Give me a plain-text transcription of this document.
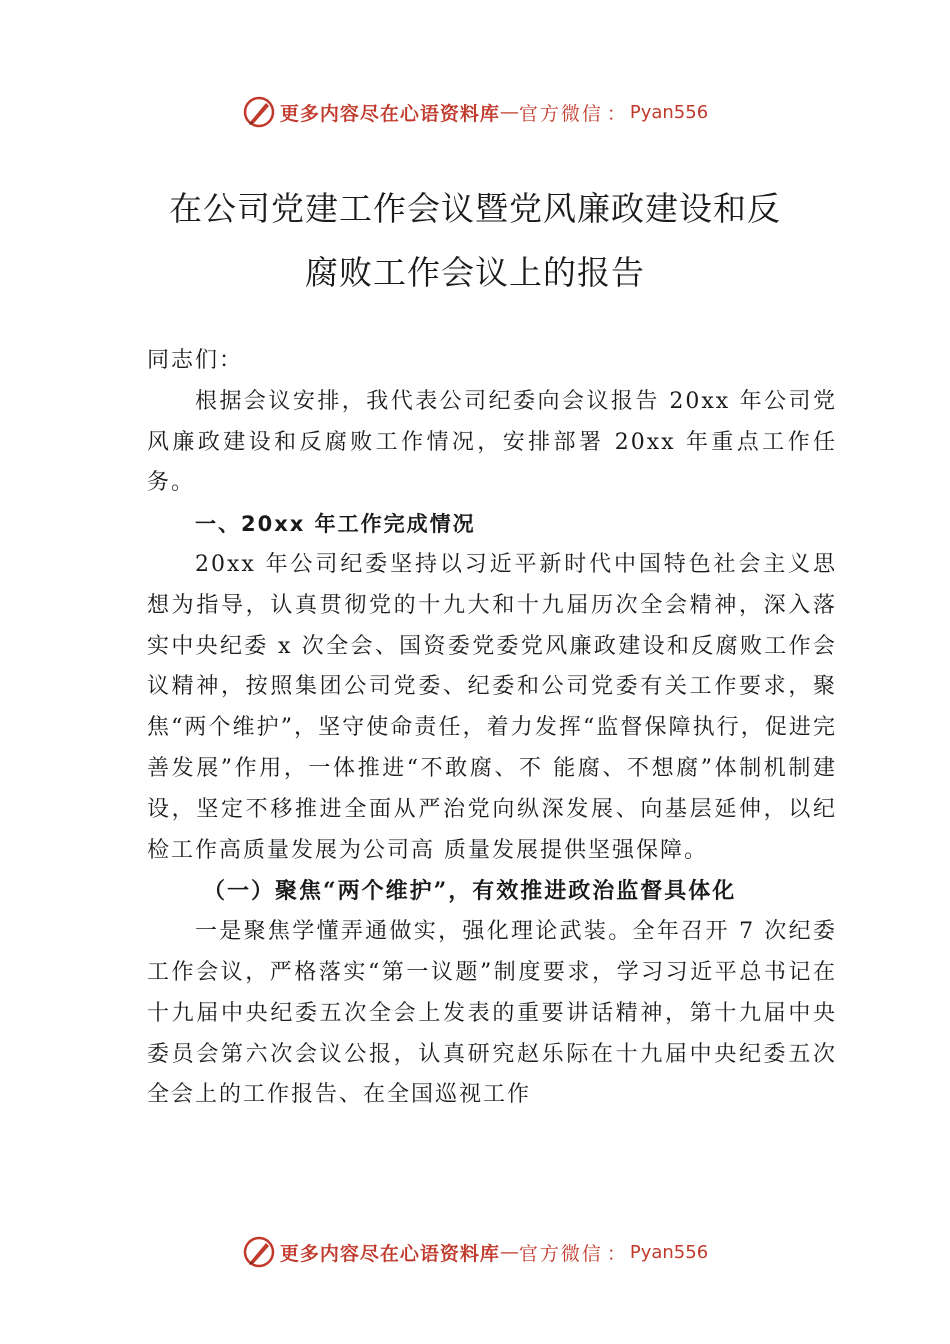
更多内容尽在心语资料库 — 官方微信 ： Pyan556
在公司党建工作会议暨党风廉政建设和反
腐败工作会议上的报告

同志们：

根据会议安排，我代表公司纪委向会议报告 20xx 年公司党风廉政建设和反腐败工作情况，安排部署 20xx 年重点工作任务。

一、20xx 年工作完成情况

20xx 年公司纪委坚持以习近平新时代中国特色社会主义思想为指导，认真贯彻党的十九大和十九届历次全会精神，深入落实中央纪委 x 次全会、国资委党委党风廉政建设和反腐败工作会议精神，按照集团公司党委、纪委和公司党委有关工作要求，聚焦“两个维护”，坚守使命责任，着力发挥“监督保障执行，促进完善发展”作用，一体推进“不敢腐、不 能腐、不想腐”体制机制建设，坚定不移推进全面从严治党向纵深发展、向基层延伸，以纪检工作高质量发展为公司高 质量发展提供坚强保障。

（一）聚焦“两个维护”，有效推进政治监督具体化

一是聚焦学懂弄通做实，强化理论武装。全年召开 7 次纪委工作会议，严格落实“第一议题”制度要求，学习习近平总书记在十九届中央纪委五次全会上发表的重要讲话精神，第十九届中央委员会第六次会议公报，认真研究赵乐际在十九届中央纪委五次全会上的工作报告、在全国巡视工作

更多内容尽在心语资料库 — 官方微信 ： Pyan556
